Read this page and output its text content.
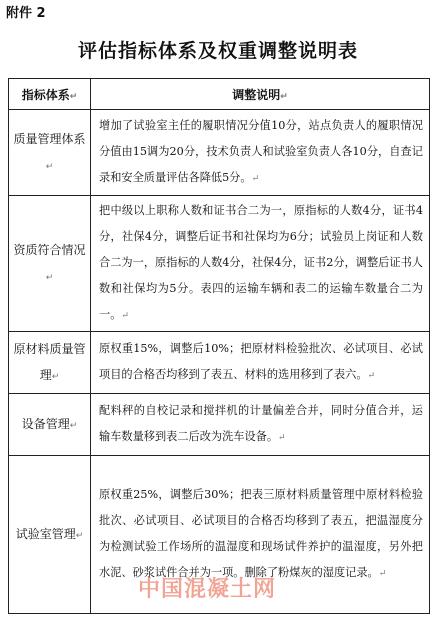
附件 2
评估指标体系及权重调整说明表
指标体系↵	调整说明↵
质量管理体系↵	增加了试验室主任的履职情况分值10分，站点负责人的履职情况分值由15调为20分，技术负责人和试验室负责人各10分，自查记录和安全质量评估各降低5分。↵
资质符合情况↵	把中级以上职称人数和证书合二为一，原指标的人数4分，证书4分，社保4分，调整后证书和社保均为6分；试验员上岗证和人数合二为一，原指标的人数4分，社保4分，证书2分，调整后证书人数和社保均为5分。表四的运输车辆和表二的运输车数量合二为一。↵
原材料质量管理↵	原权重15%，调整后10%；把原材料检验批次、必试项目、必试项目的合格否均移到了表五、材料的选用移到了表六。↵
设备管理↵	配料秤的自校记录和搅拌机的计量偏差合并，同时分值合并，运输车数量移到表二后改为洗车设备。↵
试验室管理↵	原权重25%，调整后30%；把表三原材料质量管理中原材料检验批次、必试项目、必试项目的合格否均移到了表五，把温湿度分为检测试验工作场所的温湿度和现场试件养护的温湿度，另外把水泥、砂浆试件合并为一项。删除了粉煤灰的湿度记录。↵
中国混凝土网
